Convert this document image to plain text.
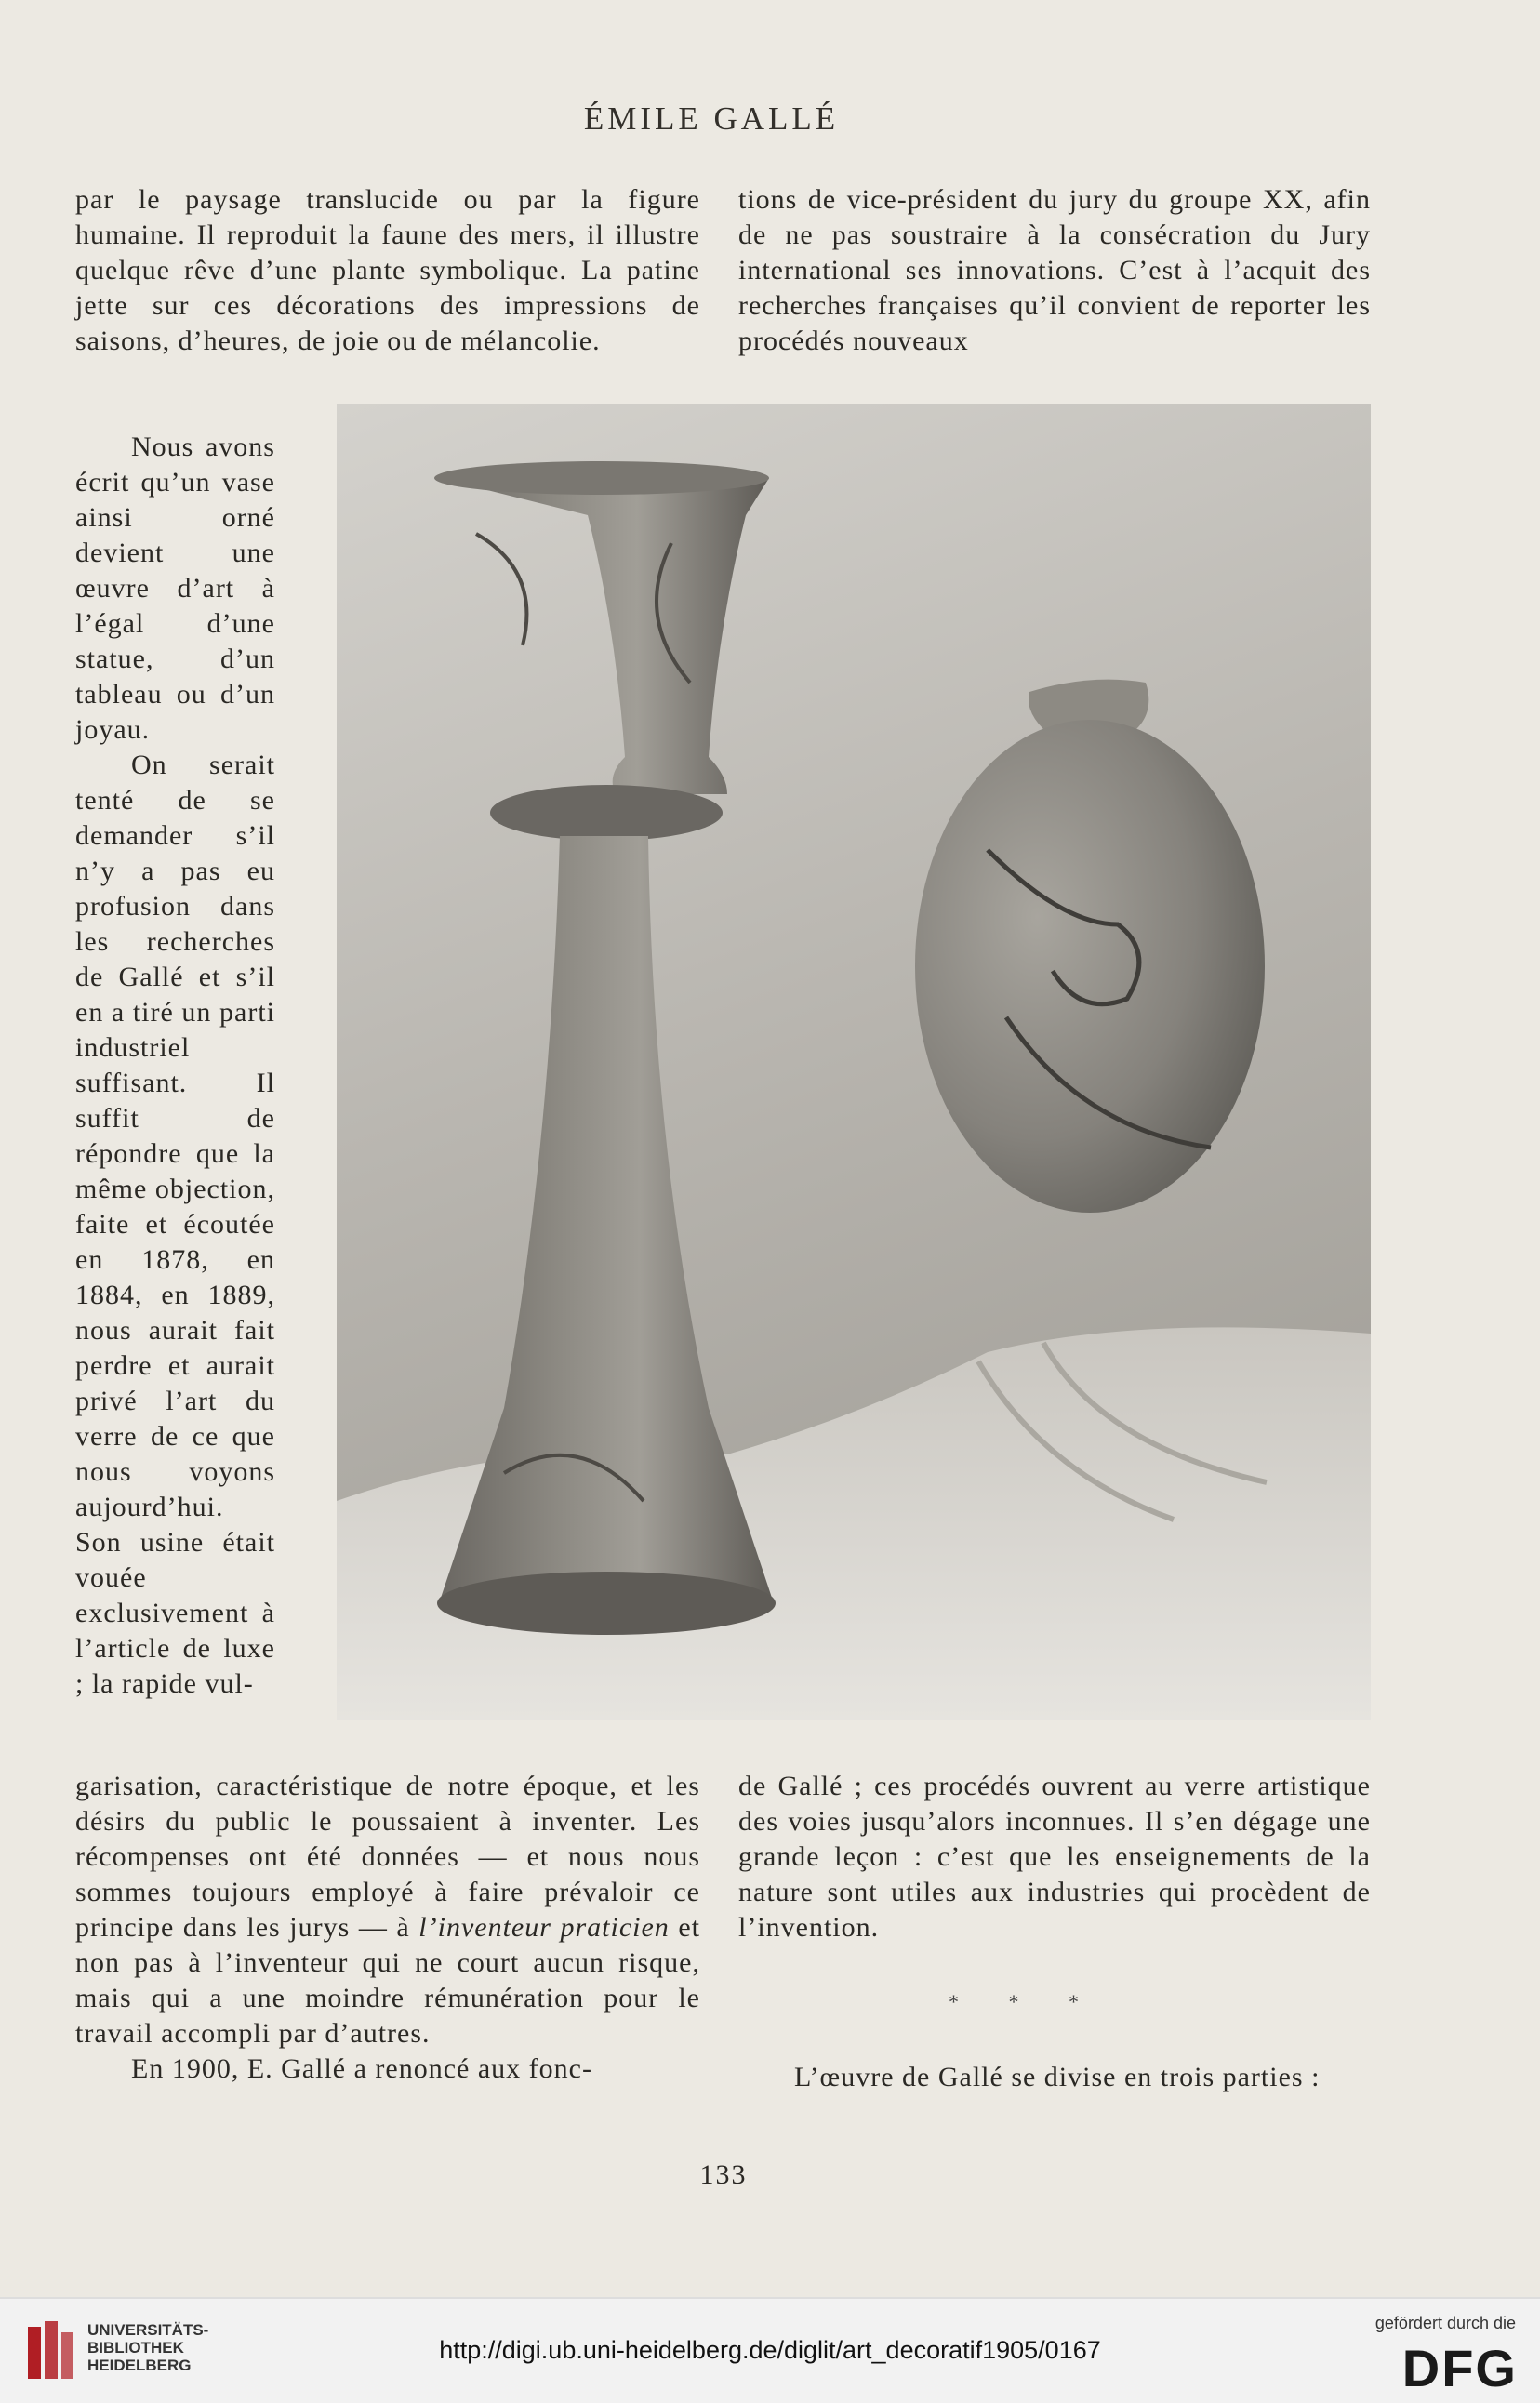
ÉMILE GALLÉ

par le paysage translucide ou par la figure humaine. Il reproduit la faune des mers, il illustre quelque rêve d’une plante symbolique. La patine jette sur ces décorations des impressions de saisons, d’heures, de joie ou de mélancolie.

tions de vice-président du jury du groupe XX, afin de ne pas soustraire à la consécration du Jury international ses innovations. C’est à l’acquit des recherches françaises qu’il convient de reporter les procédés nouveaux

Nous avons écrit qu’un vase ainsi orné devient une œuvre d’art à l’égal d’une statue, d’un tableau ou d’un joyau.

On serait tenté de se demander s’il n’y a pas eu profusion dans les recherches de Gallé et s’il en a tiré un parti industriel suffisant. Il suffit de répondre que la même objection, faite et écoutée en 1878, en 1884, en 1889, nous aurait fait perdre et aurait privé l’art du verre de ce que nous voyons aujourd’hui. Son usine était vouée exclusivement à l’article de luxe ; la rapide vul-

garisation, caractéristique de notre époque, et les désirs du public le poussaient à inventer. Les récompenses ont été données — et nous nous sommes toujours employé à faire prévaloir ce principe dans les jurys — à l’inventeur praticien et non pas à l’inventeur qui ne court aucun risque, mais qui a une moindre rémunération pour le travail accompli par d’autres.

En 1900, E. Gallé a renoncé aux fonc-

de Gallé ; ces procédés ouvrent au verre artistique des voies jusqu’alors inconnues. Il s’en dégage une grande leçon : c’est que les enseignements de la nature sont utiles aux industries qui procèdent de l’invention.

* * *

L’œuvre de Gallé se divise en trois parties :

133
UNIVERSITÄTS-
BIBLIOTHEK
HEIDELBERG
http://digi.ub.uni-heidelberg.de/diglit/art_decoratif1905/0167
gefördert durch die
DFG
